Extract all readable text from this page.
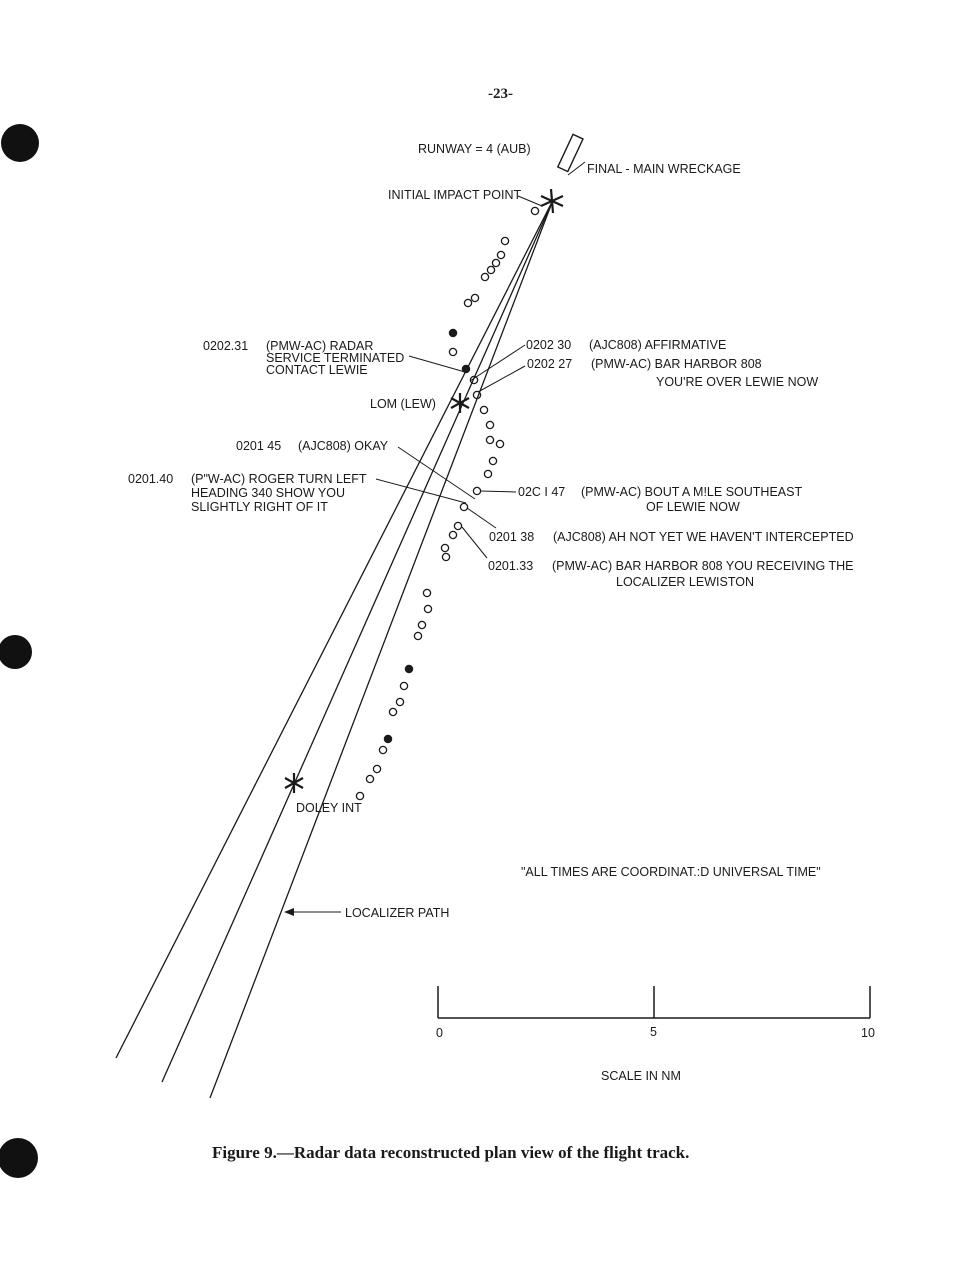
-23-
RUNWAY = 4 (AUB)
FINAL - MAIN WRECKAGE
INITIAL IMPACT POINT
LOM (LEW)
DOLEY INT
0202.31 (PMW-AC) RADAR
SERVICE TERMINATED
CONTACT LEWIE
0202 30 (AJC808) AFFIRMATIVE
0202 27 (PMW-AC) BAR HARBOR 808
YOU'RE OVER LEWIE NOW
0201 45 (AJC808) OKAY
0201.40 (P"W-AC) ROGER TURN LEFT
HEADING 340 SHOW YOU
SLIGHTLY RIGHT OF IT
02C I 47 (PMW-AC) BOUT A M!LE SOUTHEAST
OF LEWIE NOW
0201 38 (AJC808) AH NOT YET WE HAVEN'T INTERCEPTED
0201.33 (PMW-AC) BAR HARBOR 808 YOU RECEIVING THE
LOCALIZER LEWISTON
"ALL TIMES ARE COORDINAT.:D UNIVERSAL TIME"
LOCALIZER PATH
0	5	10
SCALE IN NM
Figure 9.—Radar data reconstructed plan view of the flight track.
